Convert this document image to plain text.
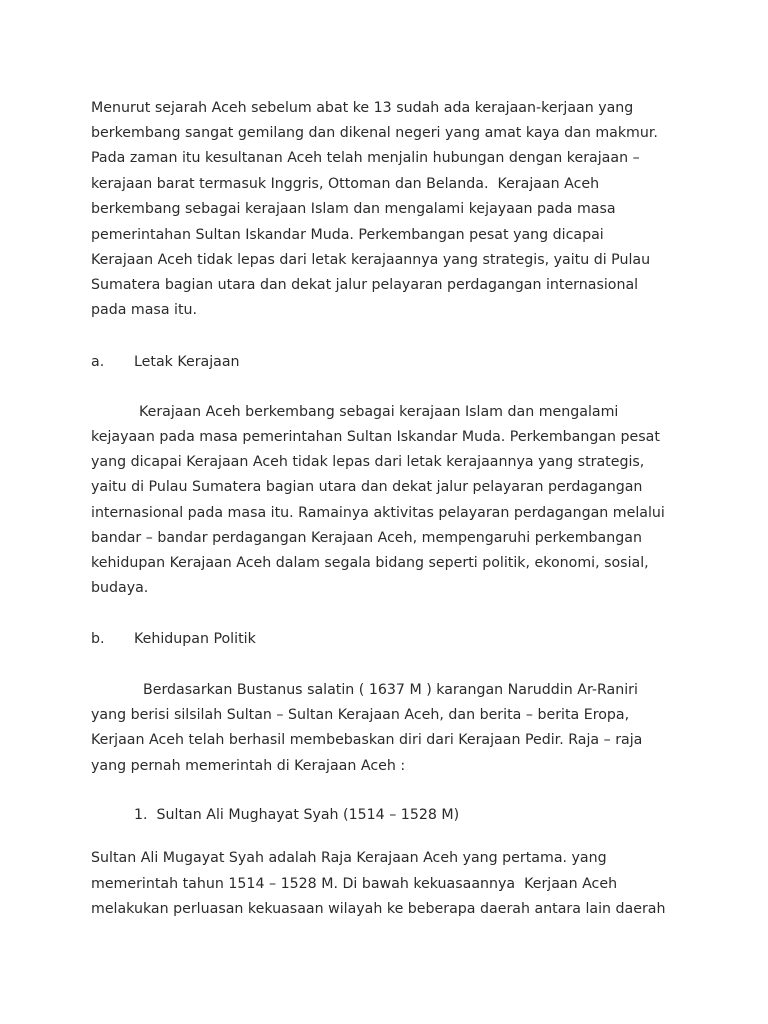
Menurut sejarah Aceh sebelum abat ke 13 sudah ada kerajaan-kerjaan yang
berkembang sangat gemilang dan dikenal negeri yang amat kaya dan makmur.
Pada zaman itu kesultanan Aceh telah menjalin hubungan dengan kerajaan –
kerajaan barat termasuk Inggris, Ottoman dan Belanda.  Kerajaan Aceh
berkembang sebagai kerajaan Islam dan mengalami kejayaan pada masa
pemerintahan Sultan Iskandar Muda. Perkembangan pesat yang dicapai
Kerajaan Aceh tidak lepas dari letak kerajaannya yang strategis, yaitu di Pulau
Sumatera bagian utara dan dekat jalur pelayaran perdagangan internasional
pada masa itu.
a. Letak Kerajaan
Kerajaan Aceh berkembang sebagai kerajaan Islam dan mengalami
kejayaan pada masa pemerintahan Sultan Iskandar Muda. Perkembangan pesat
yang dicapai Kerajaan Aceh tidak lepas dari letak kerajaannya yang strategis,
yaitu di Pulau Sumatera bagian utara dan dekat jalur pelayaran perdagangan
internasional pada masa itu. Ramainya aktivitas pelayaran perdagangan melalui
bandar – bandar perdagangan Kerajaan Aceh, mempengaruhi perkembangan
kehidupan Kerajaan Aceh dalam segala bidang seperti politik, ekonomi, sosial,
budaya.
b. Kehidupan Politik
Berdasarkan Bustanus salatin ( 1637 M ) karangan Naruddin Ar-Raniri
yang berisi silsilah Sultan – Sultan Kerajaan Aceh, dan berita – berita Eropa,
Kerjaan Aceh telah berhasil membebaskan diri dari Kerajaan Pedir. Raja – raja
yang pernah memerintah di Kerajaan Aceh :
1.  Sultan Ali Mughayat Syah (1514 – 1528 M)
Sultan Ali Mugayat Syah adalah Raja Kerajaan Aceh yang pertama. yang
memerintah tahun 1514 – 1528 M. Di bawah kekuasaannya  Kerjaan Aceh
melakukan perluasan kekuasaan wilayah ke beberapa daerah antara lain daerah
